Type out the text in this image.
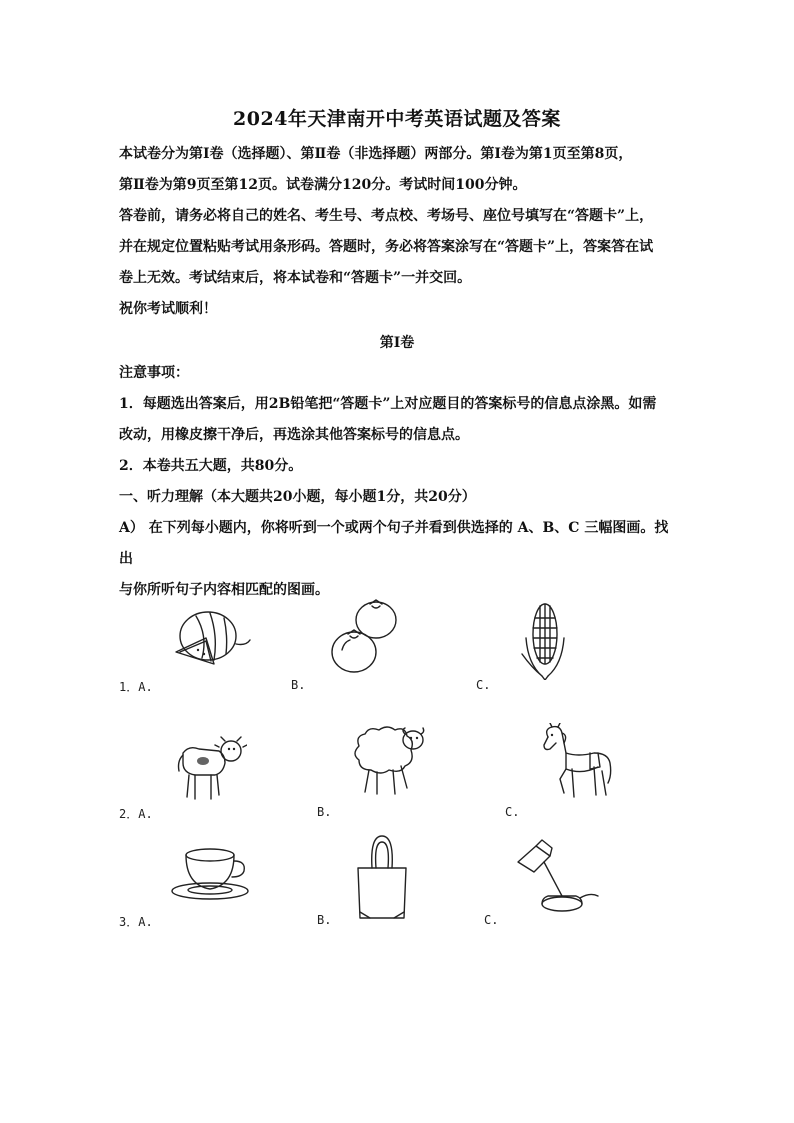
2024年天津南开中考英语试题及答案
本试卷分为第Ⅰ卷（选择题）、第Ⅱ卷（非选择题）两部分。第Ⅰ卷为第1页至第8页，
第Ⅱ卷为第9页至第12页。试卷满分120分。考试时间100分钟。
答卷前，请务必将自己的姓名、考生号、考点校、考场号、座位号填写在“答题卡”上，
并在规定位置粘贴考试用条形码。答题时，务必将答案涂写在“答题卡”上，答案答在试
卷上无效。考试结束后，将本试卷和“答题卡”一并交回。
祝你考试顺利！
第Ⅰ卷
注意事项：
1．每题选出答案后，用2B铅笔把“答题卡”上对应题目的答案标号的信息点涂黑。如需
改动，用橡皮擦干净后，再选涂其他答案标号的信息点。
2．本卷共五大题，共80分。
一、听力理解（本大题共20小题，每小题1分，共20分）
A） 在下列每小题内，你将听到一个或两个句子并看到供选择的 A、B、C 三幅图画。找出
与你所听句子内容相匹配的图画。
1．A.	B.	C.
2．A.	B.	C.
3．A.	B.	C.
